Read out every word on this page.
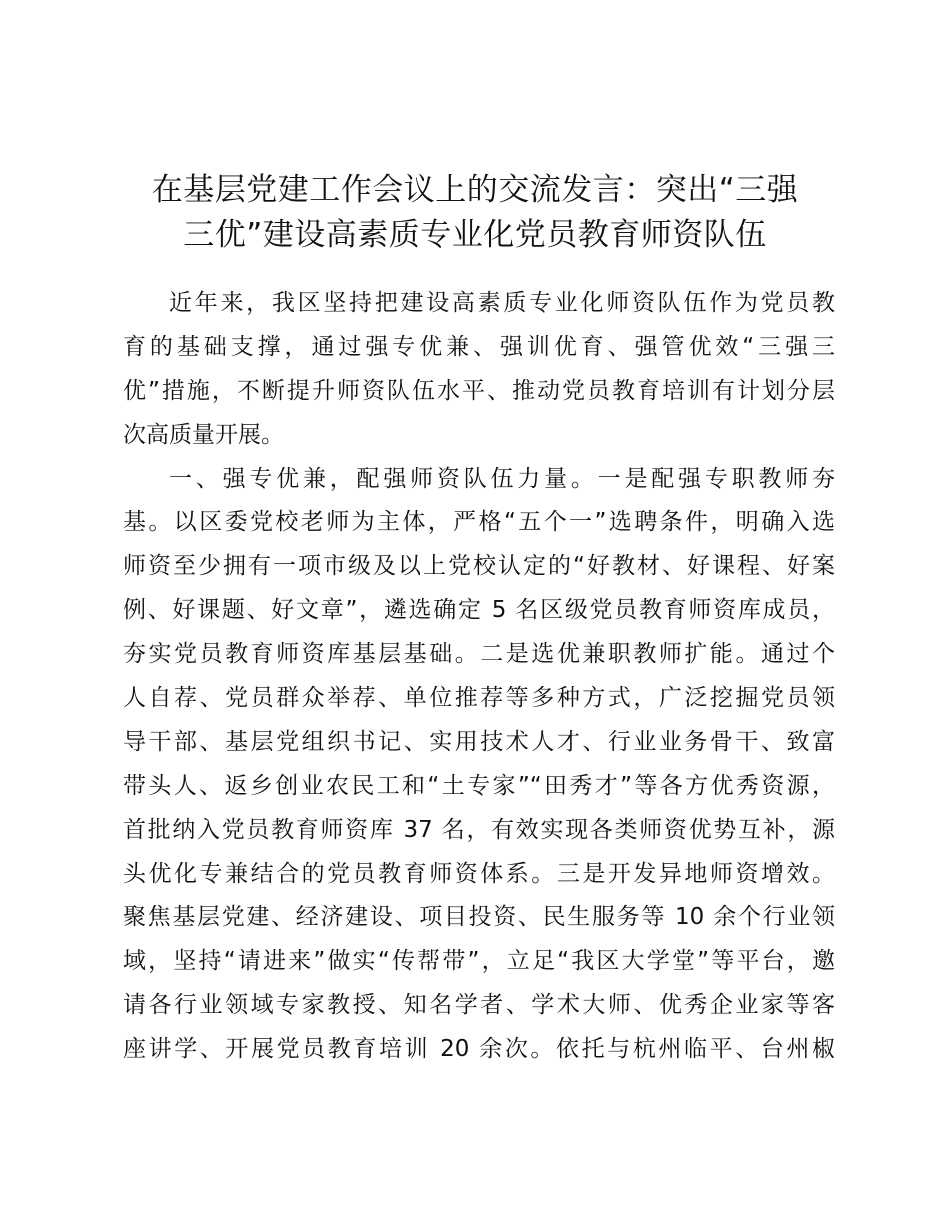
在基层党建工作会议上的交流发言：突出“三强
三优”建设高素质专业化党员教育师资队伍
近年来，我区坚持把建设高素质专业化师资队伍作为党员教
育的基础支撑，通过强专优兼、强训优育、强管优效“三强三
优”措施，不断提升师资队伍水平、推动党员教育培训有计划分层
次高质量开展。
一、强专优兼，配强师资队伍力量。一是配强专职教师夯
基。以区委党校老师为主体，严格“五个一”选聘条件，明确入选
师资至少拥有一项市级及以上党校认定的“好教材、好课程、好案
例、好课题、好文章”，遴选确定 5 名区级党员教育师资库成员，
夯实党员教育师资库基层基础。二是选优兼职教师扩能。通过个
人自荐、党员群众举荐、单位推荐等多种方式，广泛挖掘党员领
导干部、基层党组织书记、实用技术人才、行业业务骨干、致富
带头人、返乡创业农民工和“土专家”“田秀才”等各方优秀资源，
首批纳入党员教育师资库 37 名，有效实现各类师资优势互补，源
头优化专兼结合的党员教育师资体系。三是开发异地师资增效。
聚焦基层党建、经济建设、项目投资、民生服务等 10 余个行业领
域，坚持“请进来”做实“传帮带”，立足“我区大学堂”等平台，邀
请各行业领域专家教授、知名学者、学术大师、优秀企业家等客
座讲学、开展党员教育培训 20 余次。依托与杭州临平、台州椒
